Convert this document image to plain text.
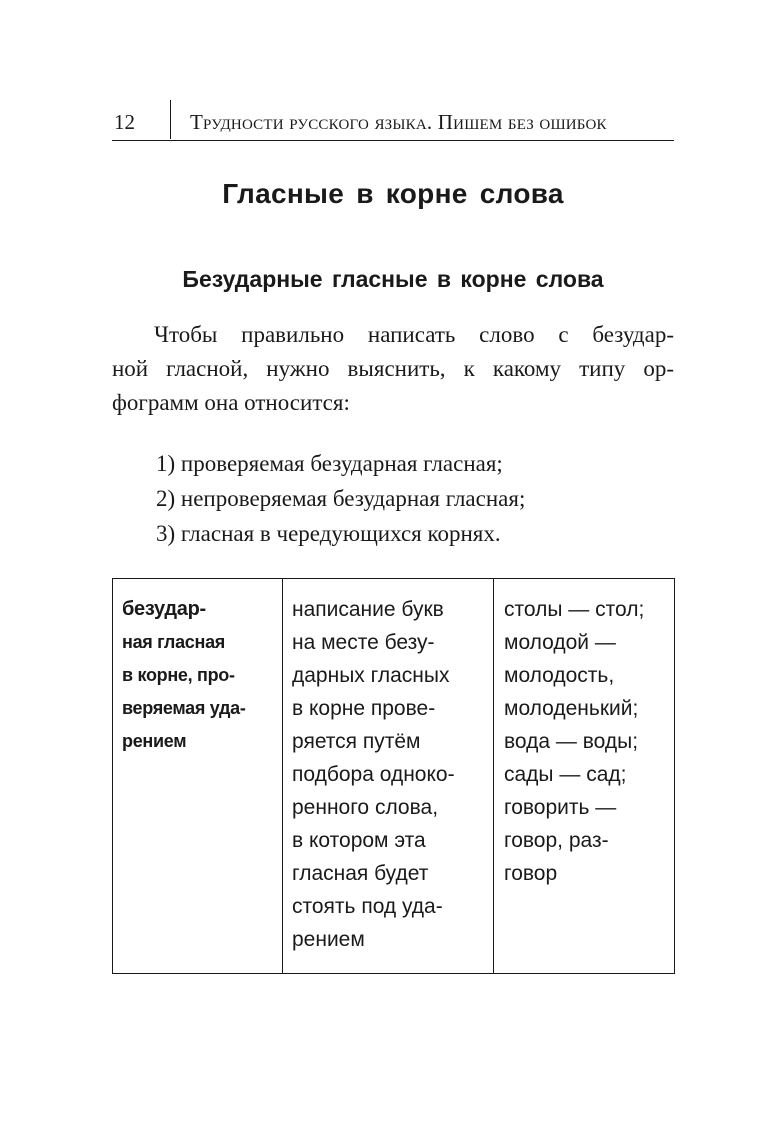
12	Трудности русского языка. Пишем без ошибок
Гласные в корне слова
Безударные гласные в корне слова

Чтобы правильно написать слово с безудар-
ной гласной, нужно выяснить, к какому типу ор-
фограмм она относится:

1) проверяемая безударная гласная;
2) непроверяемая безударная гласная;
3) гласная в чередующихся корнях.
безудар-
ная гласная
в корне, про-
веряемая уда-
рением

написание букв
на месте безу-
дарных гласных
в корне прове-
ряется путём
подбора одноко-
ренного слова,
в котором эта
гласная будет
стоять под уда-
рением

столы — стол;
молодой —
молодость,
молоденький;
вода — воды;
сады — сад;
говорить —
говор, раз-
говор
